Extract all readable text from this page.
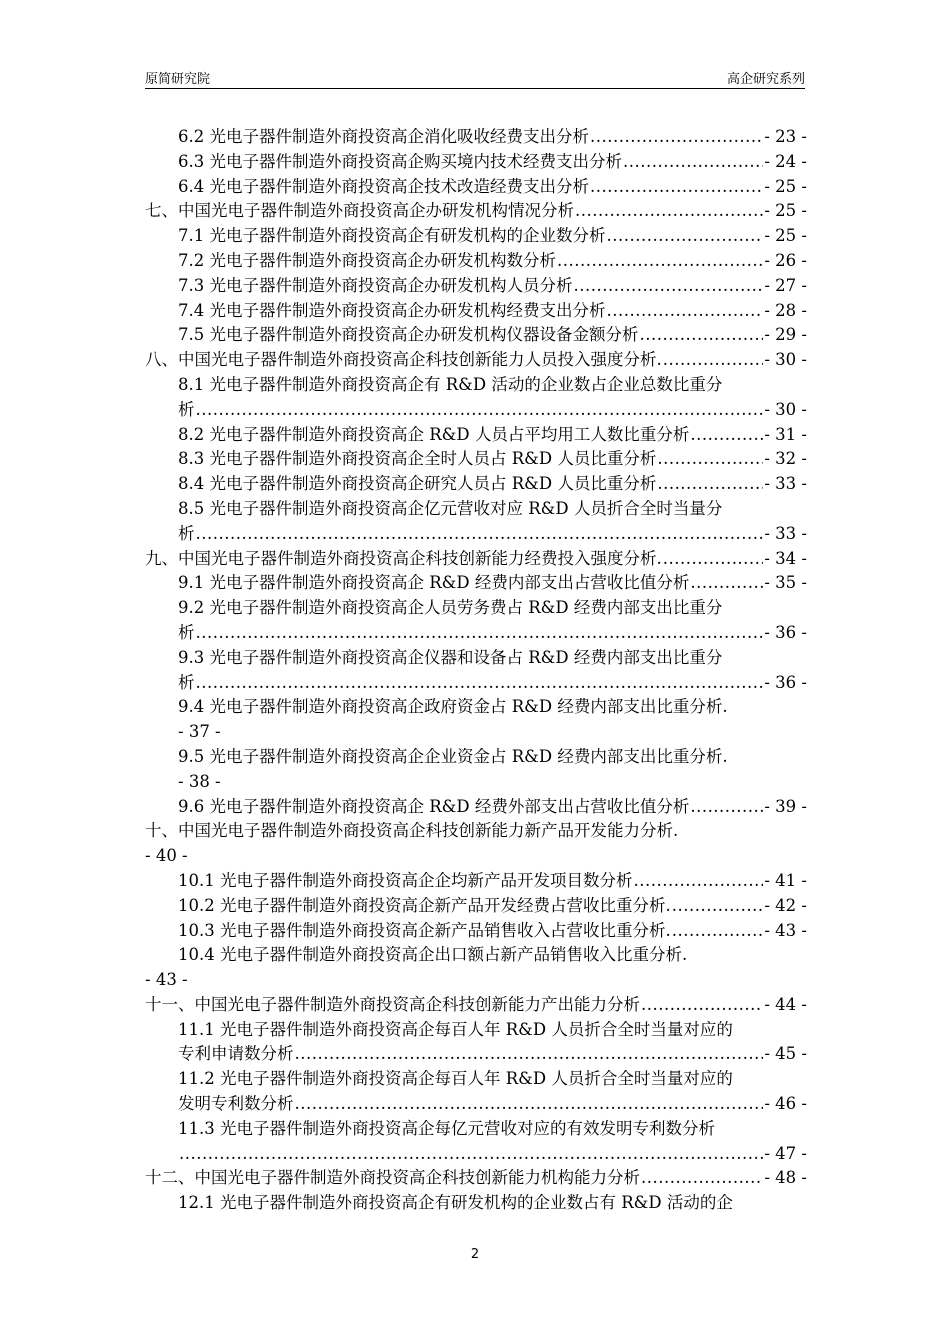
原简研究院	高企研究系列
6.2 光电子器件制造外商投资高企消化吸收经费支出分析 .....	- 23 -
6.3 光电子器件制造外商投资高企购买境内技术经费支出分析 .....	- 24 -
6.4 光电子器件制造外商投资高企技术改造经费支出分析 .....	- 25 -
七、中国光电子器件制造外商投资高企办研发机构情况分析 .....	- 25 -
7.1 光电子器件制造外商投资高企有研发机构的企业数分析 .....	- 25 -
7.2 光电子器件制造外商投资高企办研发机构数分析 .....	- 26 -
7.3 光电子器件制造外商投资高企办研发机构人员分析 .....	- 27 -
7.4 光电子器件制造外商投资高企办研发机构经费支出分析 .....	- 28 -
7.5 光电子器件制造外商投资高企办研发机构仪器设备金额分析 .....	- 29 -
八、中国光电子器件制造外商投资高企科技创新能力人员投入强度分析. .....	- 30 -
8.1 光电子器件制造外商投资高企有 R&D 活动的企业数占企业总数比重分
析 .....	- 30 -
8.2 光电子器件制造外商投资高企 R&D 人员占平均用工人数比重分析 .....	- 31 -
8.3 光电子器件制造外商投资高企全时人员占 R&D 人员比重分析 .....	- 32 -
8.4 光电子器件制造外商投资高企研究人员占 R&D 人员比重分析 .....	- 33 -
8.5 光电子器件制造外商投资高企亿元营收对应 R&D 人员折合全时当量分
析 .....	- 33 -
九、中国光电子器件制造外商投资高企科技创新能力经费投入强度分析. .....	- 34 -
9.1 光电子器件制造外商投资高企 R&D 经费内部支出占营收比值分析 .....	- 35 -
9.2 光电子器件制造外商投资高企人员劳务费占 R&D 经费内部支出比重分
析 .....	- 36 -
9.3 光电子器件制造外商投资高企仪器和设备占 R&D 经费内部支出比重分
析 .....	- 36 -
9.4 光电子器件制造外商投资高企政府资金占 R&D 经费内部支出比重分析.
- 37 -
9.5 光电子器件制造外商投资高企企业资金占 R&D 经费内部支出比重分析.
- 38 -
9.6 光电子器件制造外商投资高企 R&D 经费外部支出占营收比值分析 .....	- 39 -
十、中国光电子器件制造外商投资高企科技创新能力新产品开发能力分析.
- 40 -
10.1 光电子器件制造外商投资高企企均新产品开发项目数分析 .....	- 41 -
10.2 光电子器件制造外商投资高企新产品开发经费占营收比重分析. .....	- 42 -
10.3 光电子器件制造外商投资高企新产品销售收入占营收比重分析. .....	- 43 -
10.4 光电子器件制造外商投资高企出口额占新产品销售收入比重分析.
- 43 -
十一、中国光电子器件制造外商投资高企科技创新能力产出能力分析 .....	- 44 -
11.1 光电子器件制造外商投资高企每百人年 R&D 人员折合全时当量对应的
专利申请数分析 .....	- 45 -
11.2 光电子器件制造外商投资高企每百人年 R&D 人员折合全时当量对应的
发明专利数分析 .....	- 46 -
11.3 光电子器件制造外商投资高企每亿元营收对应的有效发明专利数分析
.....
- 47 -
十二、中国光电子器件制造外商投资高企科技创新能力机构能力分析 .....	- 48 -
12.1 光电子器件制造外商投资高企有研发机构的企业数占有 R&D 活动的企
2
